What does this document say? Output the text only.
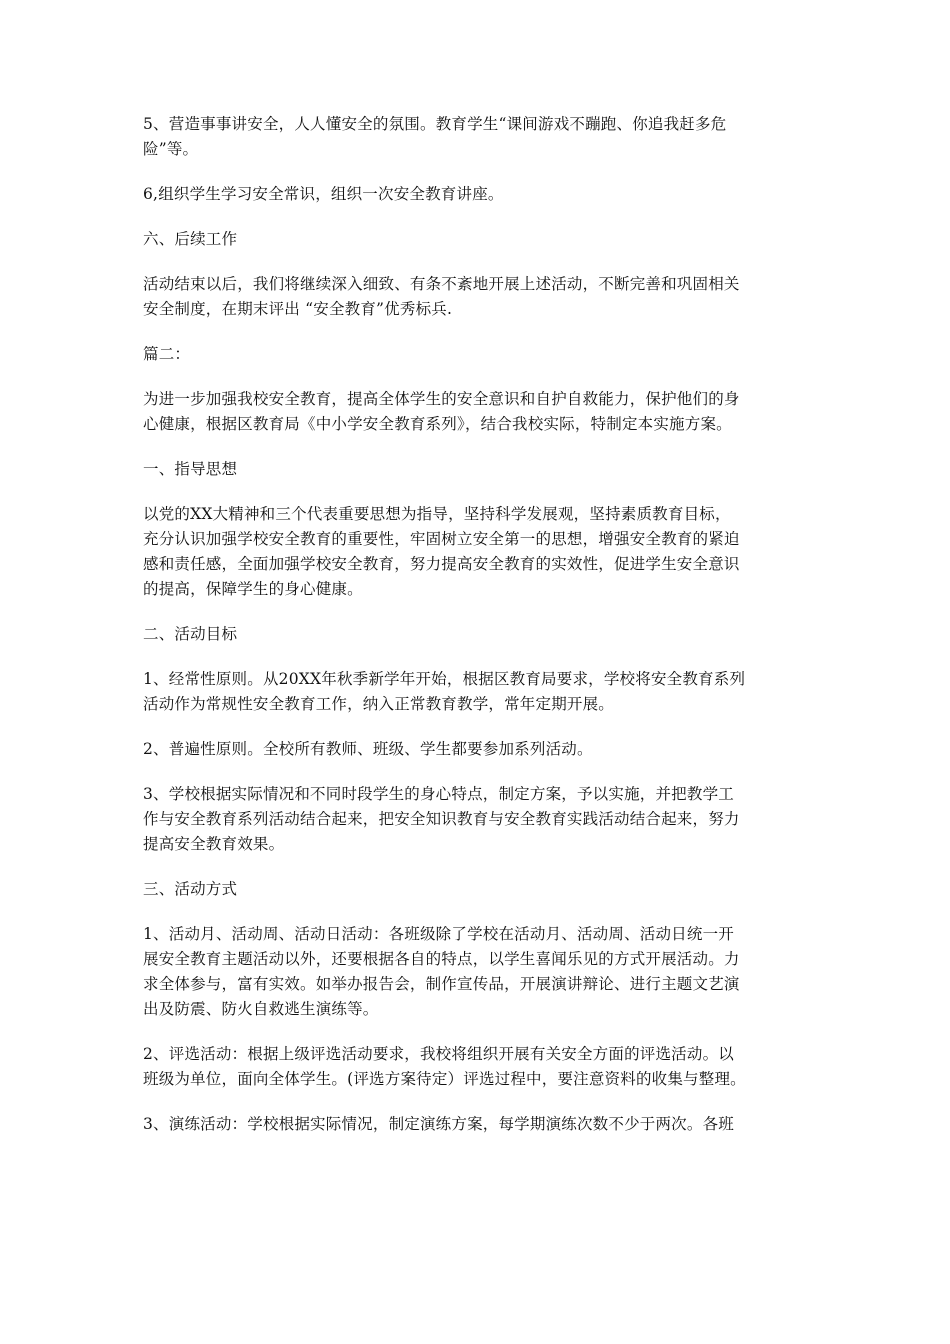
5、营造事事讲安全，人人懂安全的氛围。教育学生“课间游戏不蹦跑、你追我赶多危
险”等。

6,组织学生学习安全常识，组织一次安全教育讲座。

六、后续工作

活动结束以后，我们将继续深入细致、有条不紊地开展上述活动，不断完善和巩固相关
安全制度，在期末评出 “安全教育”优秀标兵.

篇二：

为进一步加强我校安全教育，提高全体学生的安全意识和自护自救能力，保护他们的身
心健康，根据区教育局《中小学安全教育系列》，结合我校实际，特制定本实施方案。

一、指导思想

以党的XX大精神和三个代表重要思想为指导，坚持科学发展观，坚持素质教育目标，
充分认识加强学校安全教育的重要性，牢固树立安全第一的思想，增强安全教育的紧迫
感和责任感，全面加强学校安全教育，努力提高安全教育的实效性，促进学生安全意识
的提高，保障学生的身心健康。

二、活动目标

1、经常性原则。从20XX年秋季新学年开始，根据区教育局要求，学校将安全教育系列
活动作为常规性安全教育工作，纳入正常教育教学，常年定期开展。

2、普遍性原则。全校所有教师、班级、学生都要参加系列活动。

3、学校根据实际情况和不同时段学生的身心特点，制定方案，予以实施，并把教学工
作与安全教育系列活动结合起来，把安全知识教育与安全教育实践活动结合起来，努力
提高安全教育效果。

三、活动方式

1、活动月、活动周、活动日活动：各班级除了学校在活动月、活动周、活动日统一开
展安全教育主题活动以外，还要根据各自的特点，以学生喜闻乐见的方式开展活动。力
求全体参与，富有实效。如举办报告会，制作宣传品，开展演讲辩论、进行主题文艺演
出及防震、防火自救逃生演练等。

2、评选活动：根据上级评选活动要求，我校将组织开展有关安全方面的评选活动。以
班级为单位，面向全体学生。(评选方案待定）评选过程中，要注意资料的收集与整理。

3、演练活动：学校根据实际情况，制定演练方案，每学期演练次数不少于两次。各班
